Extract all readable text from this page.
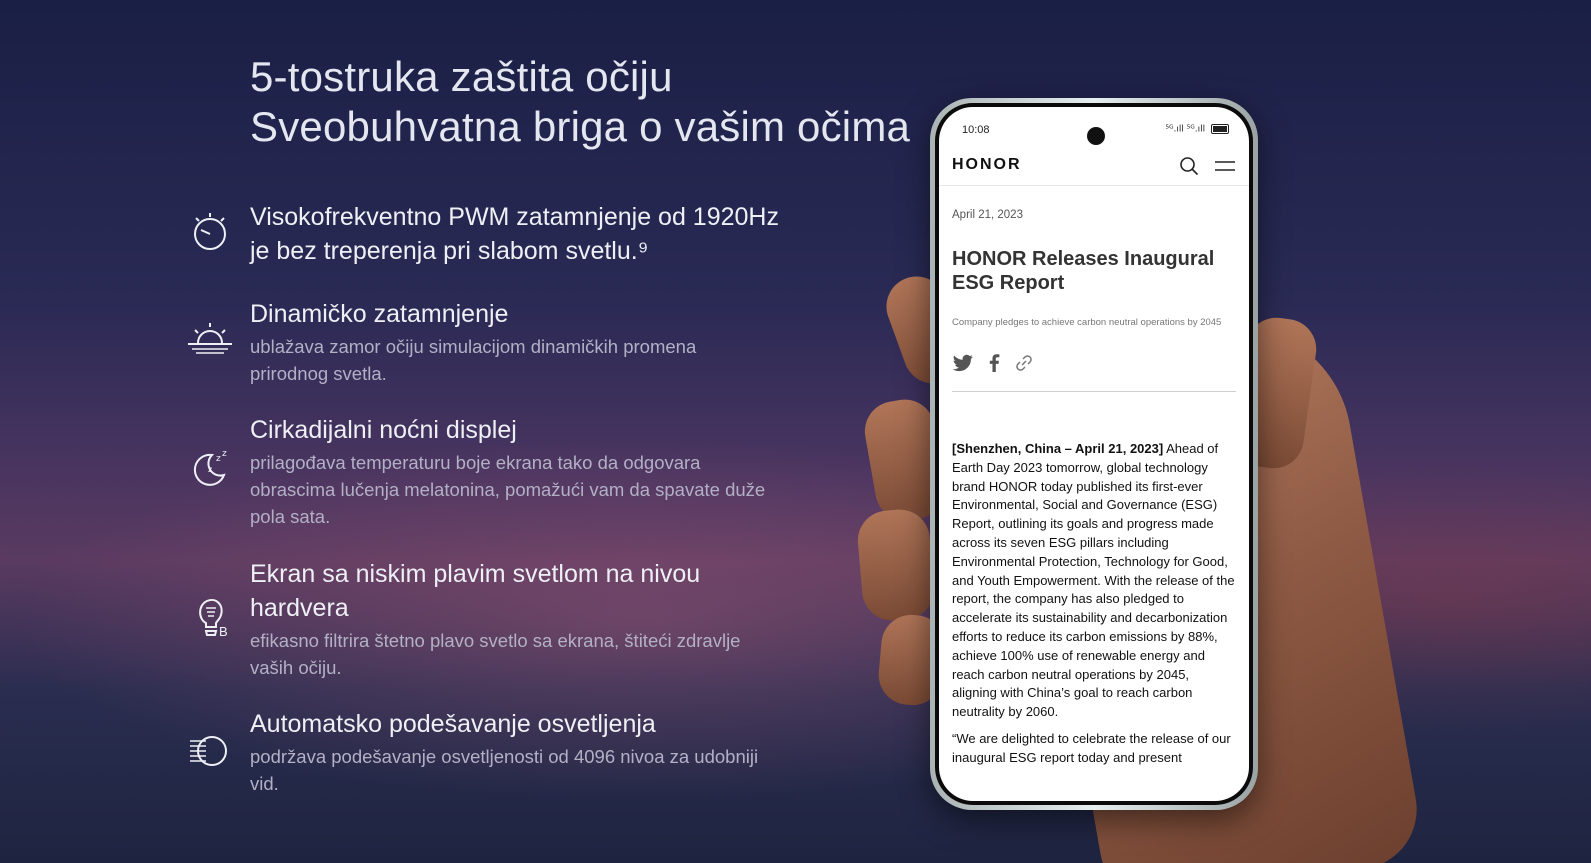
5-tostruka zaštita očiju
Sveobuhvatna briga o vašim očima
Visokofrekventno PWM zatamnjenje od 1920Hz
je bez treperenja pri slabom svetlu.⁹
Dinamičko zatamnjenje
ublažava zamor očiju simulacijom dinamičkih promena
prirodnog svetla.
z z
z
Cirkadijalni noćni displej
prilagođava temperaturu boje ekrana tako da odgovara
obrascima lučenja melatonina, pomažući vam da spavate duže
pola sata.
B
Ekran sa niskim plavim svetlom na nivou
hardvera
efikasno filtrira štetno plavo svetlo sa ekrana, štiteći zdravlje
vaših očiju.
Automatsko podešavanje osvetljenja
podržava podešavanje osvetljenosti od 4096 nivoa za udobniji
vid.
10:08	⁵ᴳ.ıll ⁵ᴳ.ıll
HONOR
April 21, 2023
HONOR Releases Inaugural ESG Report
Company pledges to achieve carbon neutral operations by 2045
[Shenzhen, China – April 21, 2023] Ahead of Earth Day 2023 tomorrow, global technology brand HONOR today published its first-ever Environmental, Social and Governance (ESG) Report, outlining its goals and progress made across its seven ESG pillars including Environmental Protection, Technology for Good, and Youth Empowerment. With the release of the report, the company has also pledged to accelerate its sustainability and decarbonization efforts to reduce its carbon emissions by 88%, achieve 100% use of renewable energy and reach carbon neutral operations by 2045, aligning with China’s goal to reach carbon neutrality by 2060.
“We are delighted to celebrate the release of our inaugural ESG report today and present
